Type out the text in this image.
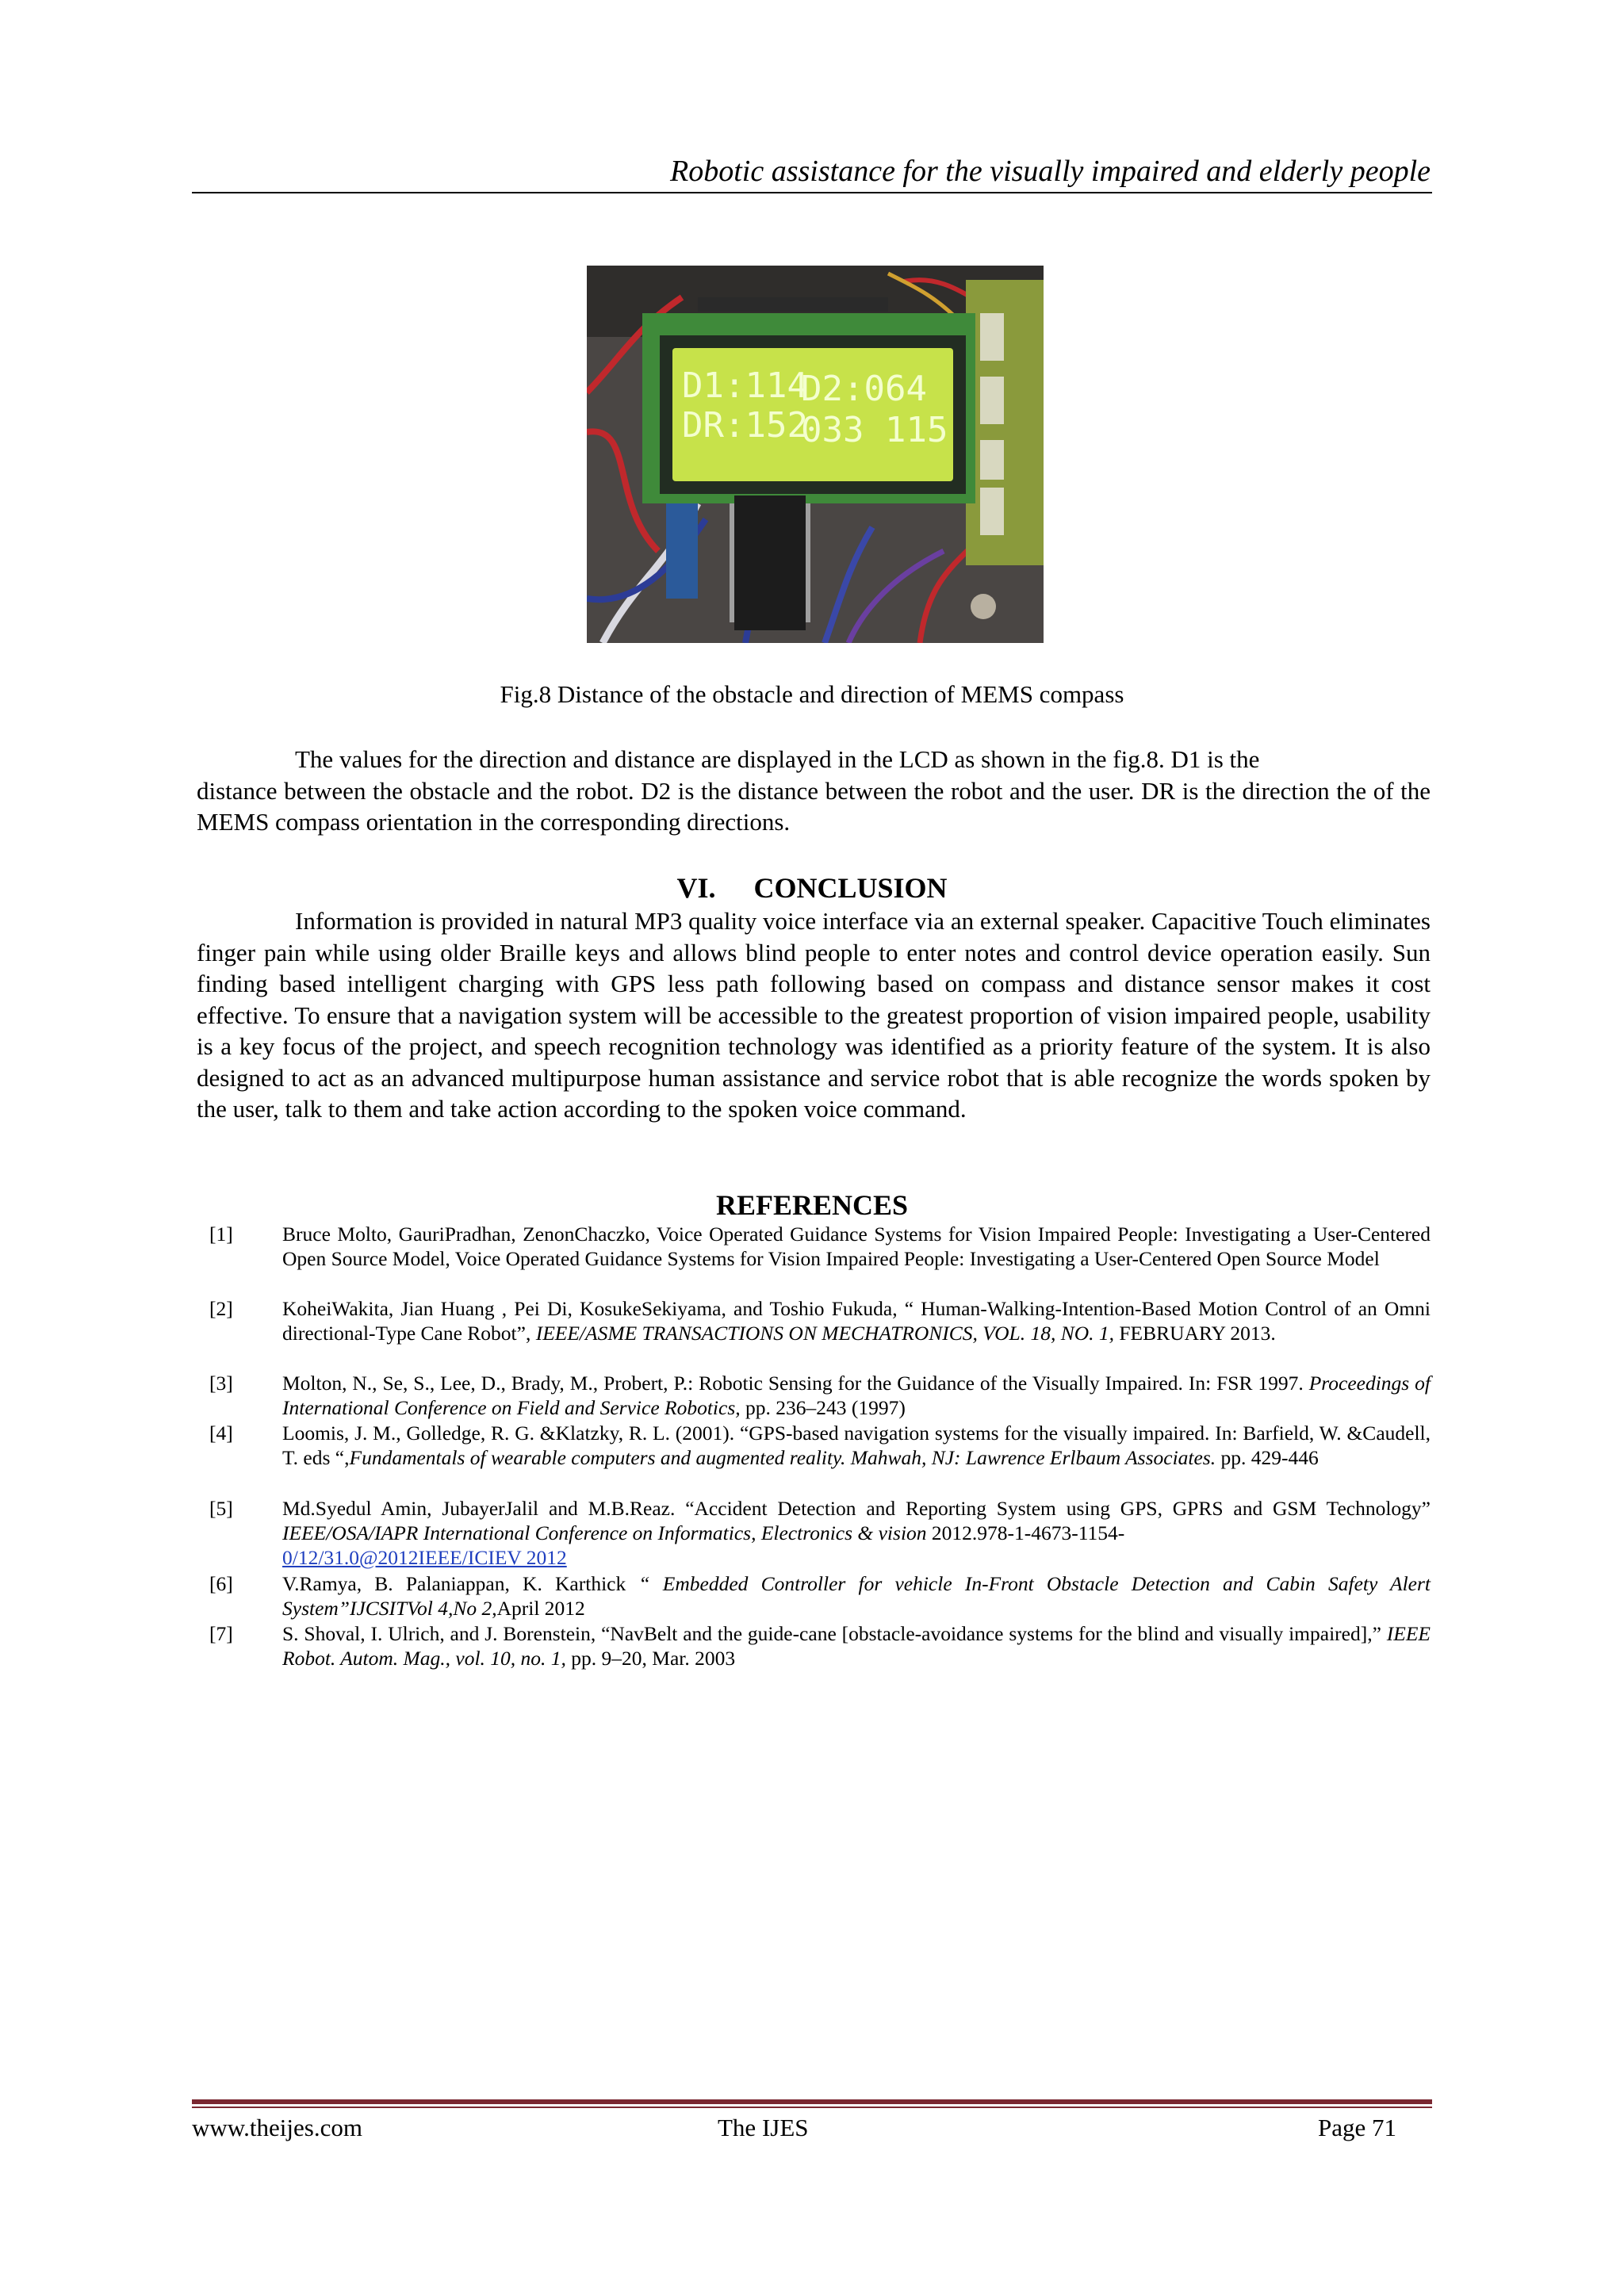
Robotic assistance for the visually impaired and elderly people
D1:114
D2:064
DR:152
033 115
Fig.8 Distance of the obstacle and direction of MEMS compass
The values for the direction and distance are displayed in the LCD as shown in the fig.8. D1 is the
distance between the obstacle and the robot. D2 is the distance between the robot and the user. DR is the direction the of the MEMS compass orientation in the corresponding directions.
VI. CONCLUSION

Information is provided in natural MP3 quality voice interface via an external speaker. Capacitive Touch eliminates finger pain while using older Braille keys and allows blind people to enter notes and control device operation easily. Sun finding based intelligent charging with GPS less path following based on compass and distance sensor makes it cost effective. To ensure that a navigation system will be accessible to the greatest proportion of vision impaired people, usability is a key focus of the project, and speech recognition technology was identified as a priority feature of the system. It is also designed to act as an advanced multipurpose human assistance and service robot that is able recognize the words spoken by the user, talk to them and take action according to the spoken voice command.

REFERENCES
[1]	Bruce Molto, GauriPradhan, ZenonChaczko, Voice Operated Guidance Systems for Vision Impaired People: Investigating a User-Centered Open Source Model, Voice Operated Guidance Systems for Vision Impaired People: Investigating a User-Centered Open Source Model
[2]	KoheiWakita, Jian Huang , Pei Di, KosukeSekiyama, and Toshio Fukuda, “ Human-Walking-Intention-Based Motion Control of an Omni directional-Type Cane Robot”, IEEE/ASME TRANSACTIONS ON MECHATRONICS, VOL. 18, NO. 1, FEBRUARY 2013.
[3]	Molton, N., Se, S., Lee, D., Brady, M., Probert, P.: Robotic Sensing for the Guidance of the Visually Impaired. In: FSR 1997. Proceedings of International Conference on Field and Service Robotics, pp. 236–243 (1997)
[4]	Loomis, J. M., Golledge, R. G. &Klatzky, R. L. (2001). “GPS-based navigation systems for the visually impaired. In: Barfield, W. &Caudell, T. eds “,Fundamentals of wearable computers and augmented reality. Mahwah, NJ: Lawrence Erlbaum Associates. pp. 429-446
[5]	Md.Syedul Amin, JubayerJalil and M.B.Reaz. “Accident Detection and Reporting System using GPS, GPRS and GSM Technology” IEEE/OSA/IAPR International Conference on Informatics, Electronics & vision 2012.978-1-4673-1154-
0/12/31.0@2012IEEE/ICIEV 2012
[6]	V.Ramya, B. Palaniappan, K. Karthick “ Embedded Controller for vehicle In-Front Obstacle Detection and Cabin Safety Alert System”IJCSITVol 4,No 2,April 2012
[7]	S. Shoval, I. Ulrich, and J. Borenstein, “NavBelt and the guide-cane [obstacle-avoidance systems for the blind and visually impaired],” IEEE Robot. Autom. Mag., vol. 10, no. 1, pp. 9–20, Mar. 2003
www.theijes.com	The IJES	Page 71
